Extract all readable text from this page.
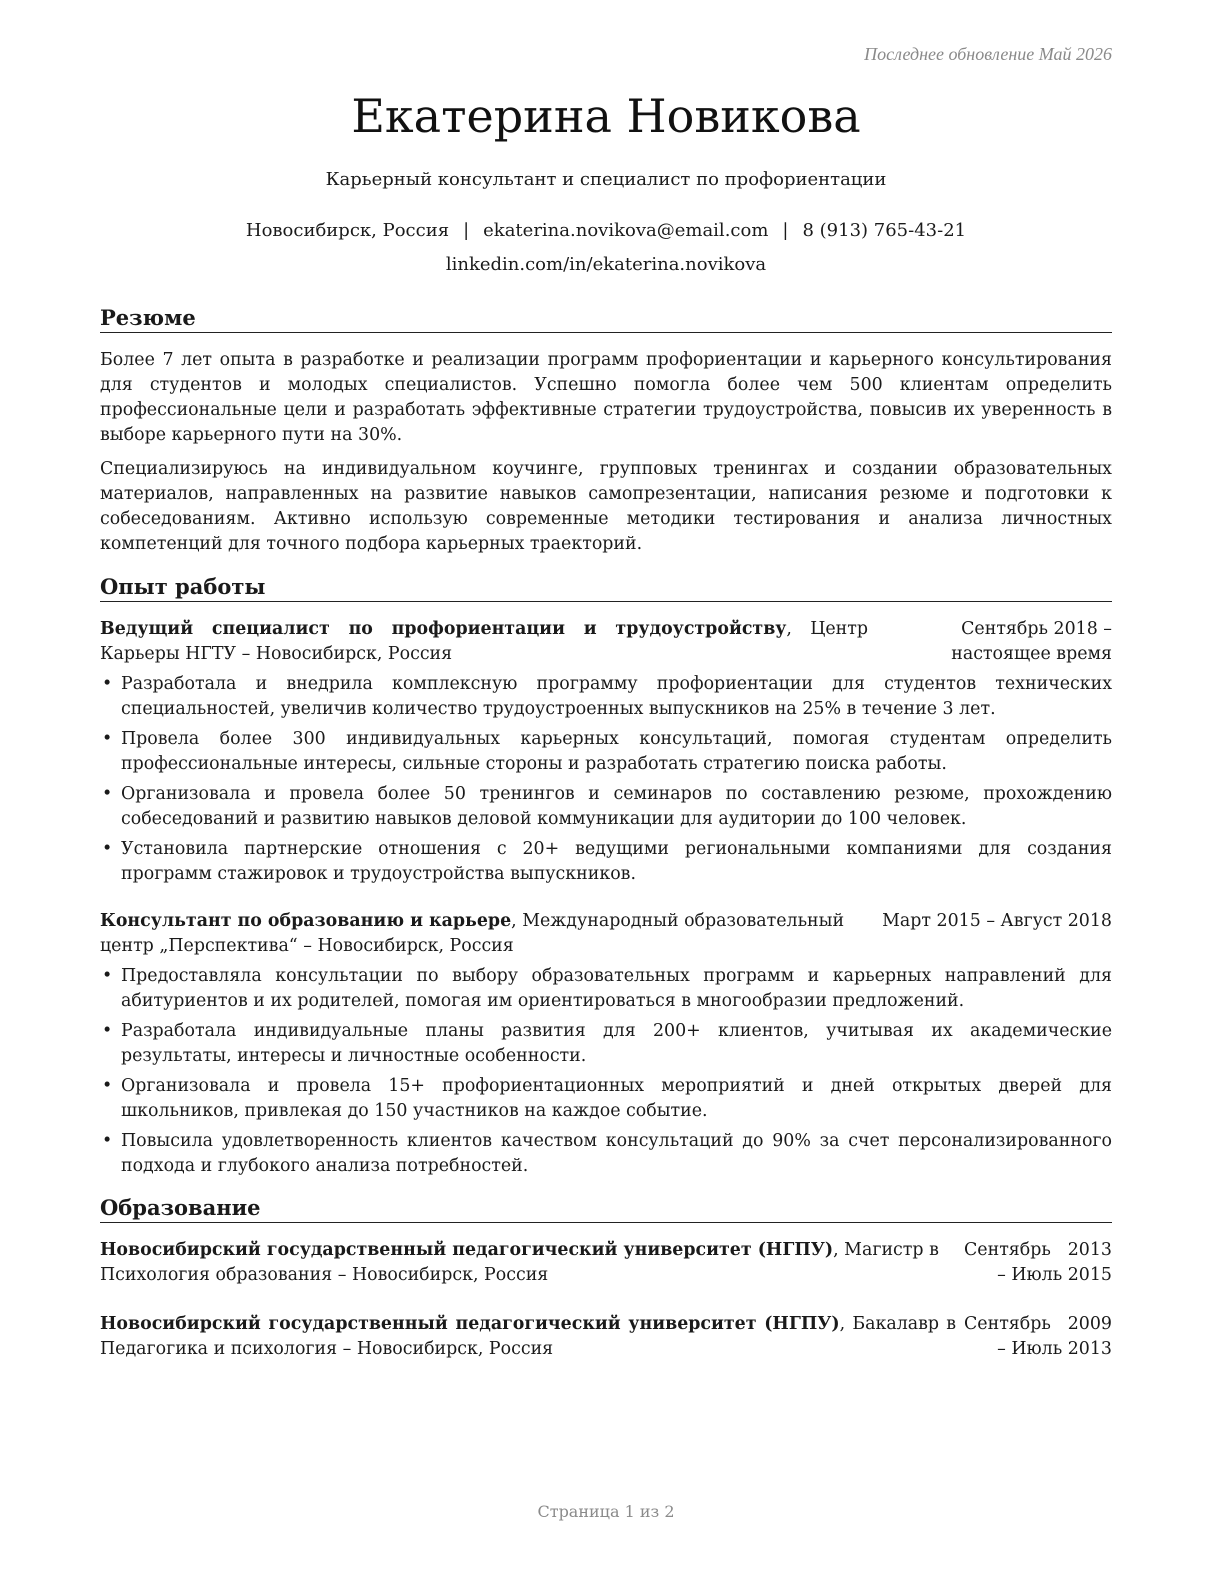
Последнее обновление Май 2026
Екатерина Новикова
Карьерный консультант и специалист по профориентации
Новосибирск, Россия | ekaterina.novikova@email.com | 8 (913) 765-43-21
linkedin.com/in/ekaterina.novikova
Резюме
Более 7 лет опыта в разработке и реализации программ профориентации и карьерного консультирования для студентов и молодых специалистов. Успешно помогла более чем 500 клиентам определить профессиональные цели и разработать эффективные стратегии трудоустройства, повысив их уверенность в выборе карьерного пути на 30%.
Специализируюсь на индивидуальном коучинге, групповых тренингах и создании образовательных материалов, направленных на развитие навыков самопрезентации, написания резюме и подготовки к собеседованиям. Активно использую современные методики тестирования и анализа личностных компетенций для точного подбора карьерных траекторий.
Опыт работы
Ведущий специалист по профориентации и трудоустройству, Центр Карьеры НГТУ – Новосибирск, Россия
Сентябрь 2018 – настоящее время
• Разработала и внедрила комплексную программу профориентации для студентов технических специальностей, увеличив количество трудоустроенных выпускников на 25% в течение 3 лет.
• Провела более 300 индивидуальных карьерных консультаций, помогая студентам определить профессиональные интересы, сильные стороны и разработать стратегию поиска работы.
• Организовала и провела более 50 тренингов и семинаров по составлению резюме, прохождению собеседований и развитию навыков деловой коммуникации для аудитории до 100 человек.
• Установила партнерские отношения с 20+ ведущими региональными компаниями для создания программ стажировок и трудоустройства выпускников.
Консультант по образованию и карьере, Международный образовательный центр „Перспектива“ – Новосибирск, Россия
Март 2015 – Август 2018
• Предоставляла консультации по выбору образовательных программ и карьерных направлений для абитуриентов и их родителей, помогая им ориентироваться в многообразии предложений.
• Разработала индивидуальные планы развития для 200+ клиентов, учитывая их академические результаты, интересы и личностные особенности.
• Организовала и провела 15+ профориентационных мероприятий и дней открытых дверей для школьников, привлекая до 150 участников на каждое событие.
• Повысила удовлетворенность клиентов качеством консультаций до 90% за счет персонализированного подхода и глубокого анализа потребностей.
Образование
Новосибирский государственный педагогический университет (НГПУ), Магистр в Психология образования – Новосибирск, Россия
Сентябрь 2013 – Июль 2015
Новосибирский государственный педагогический университет (НГПУ), Бакалавр в Педагогика и психология – Новосибирск, Россия
Сентябрь 2009 – Июль 2013
Страница 1 из 2
